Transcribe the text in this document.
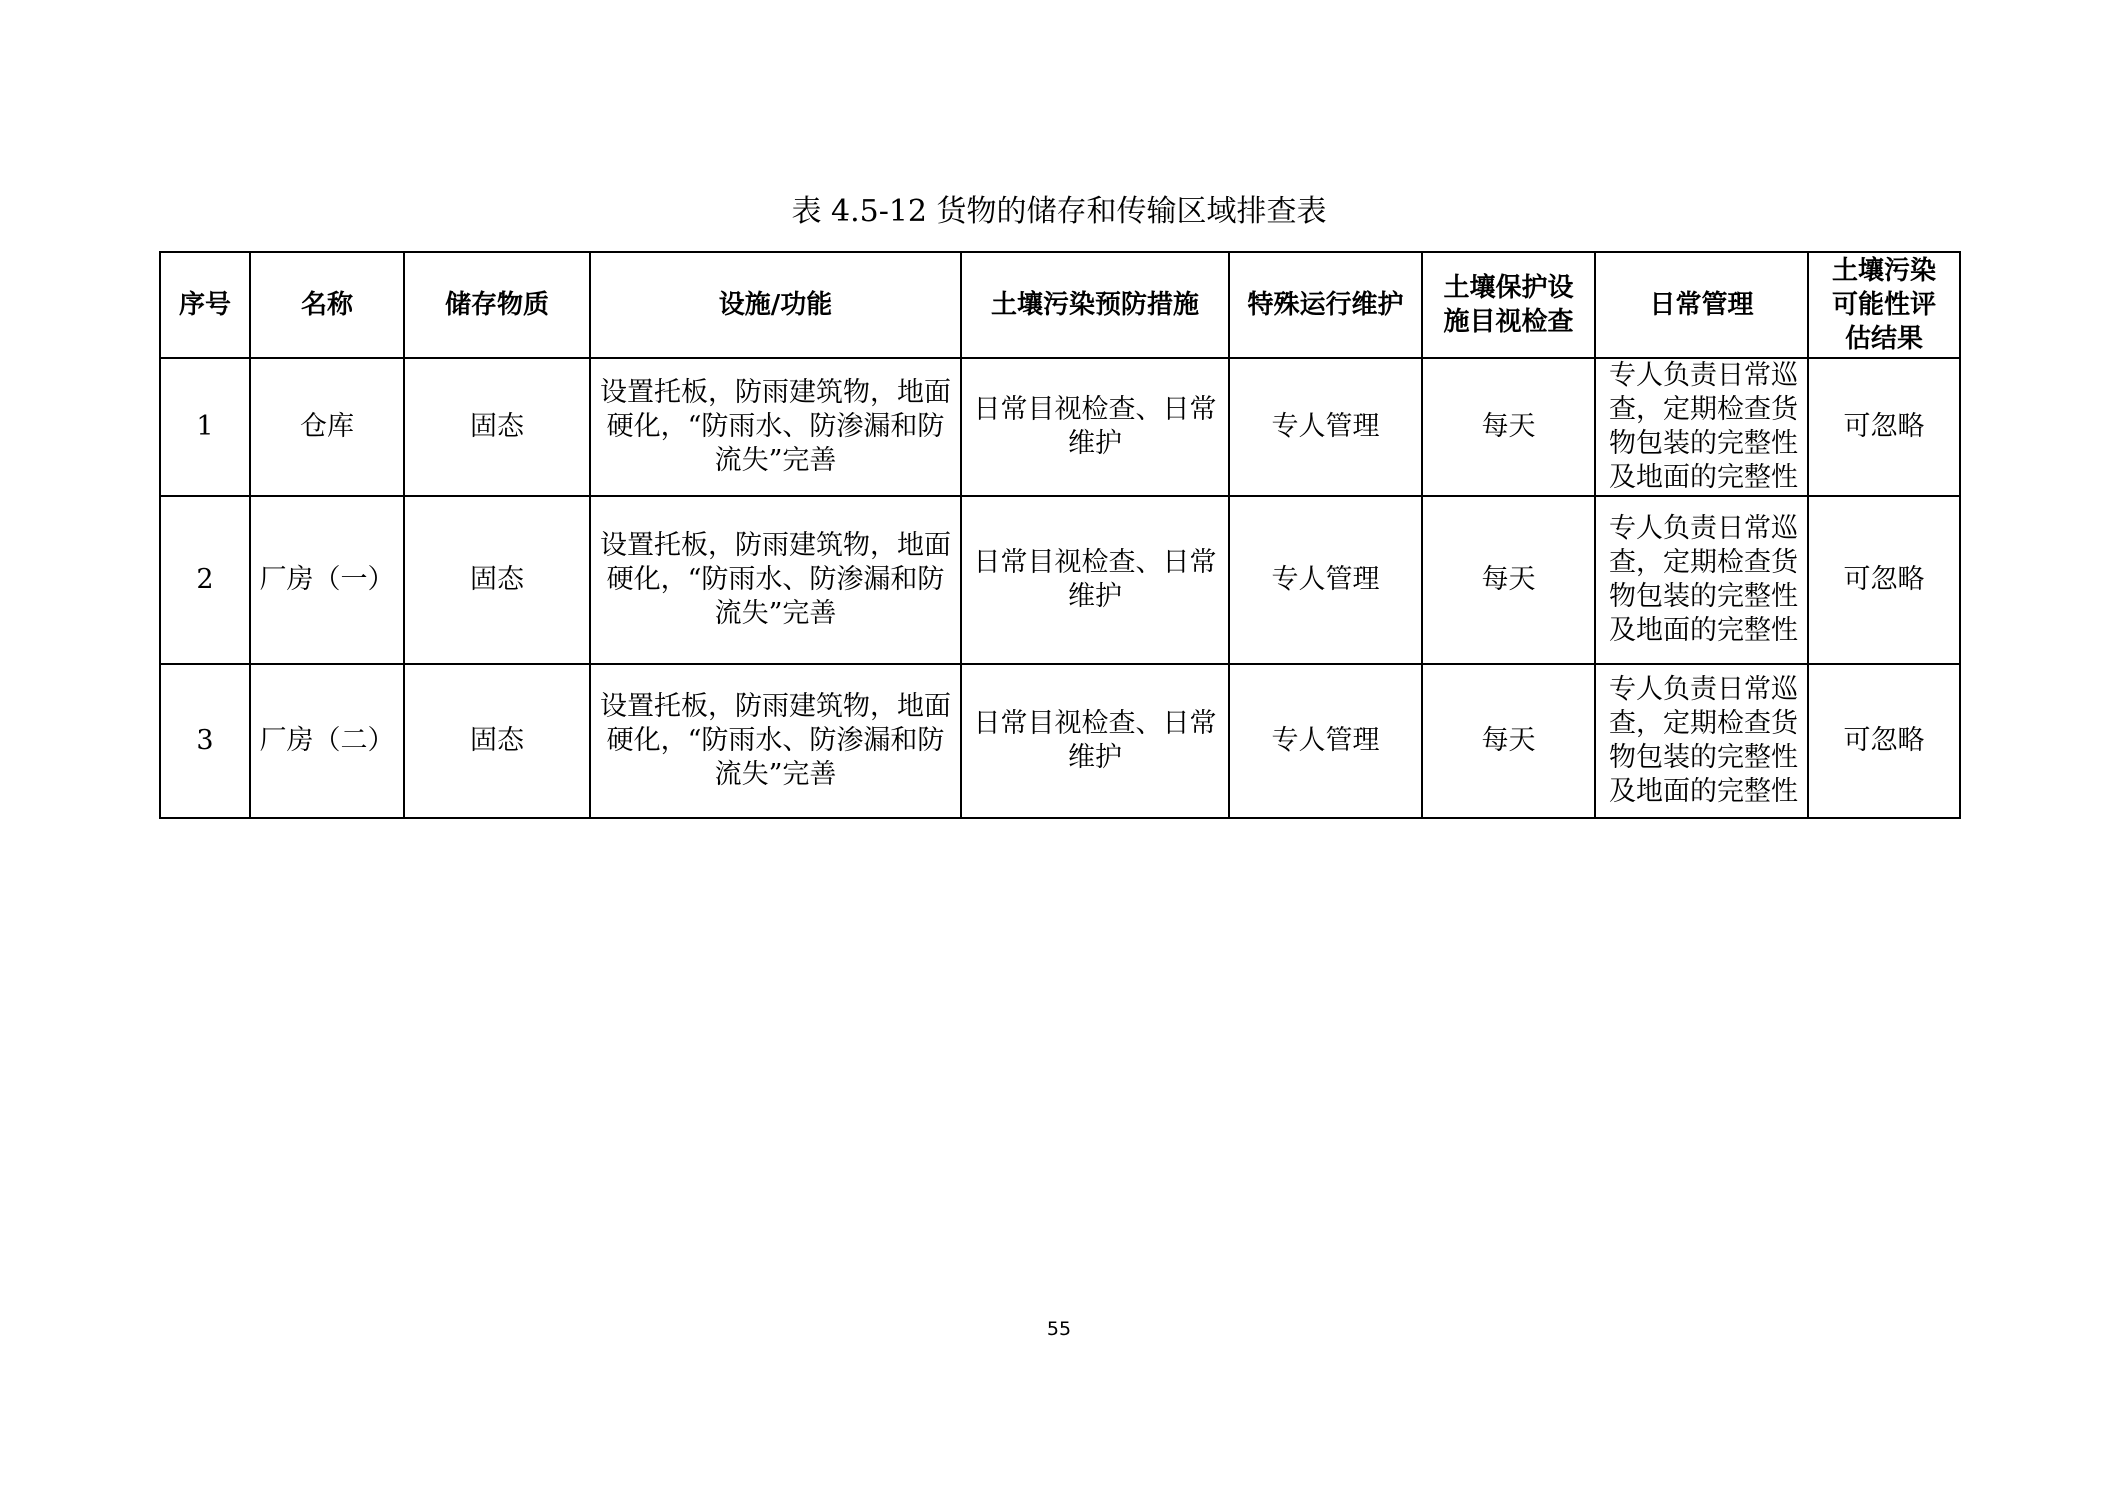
表 4.5-12 货物的储存和传输区域排查表
序号	名称	储存物质	设施/功能	土壤污染预防措施	特殊运行维护	土壤保护设施目视检查	日常管理	土壤污染可能性评估结果
1	仓库	固态	设置托板，防雨建筑物，地面硬化，“防雨水、防渗漏和防流失”完善	日常目视检查、日常维护	专人管理	每天	专人负责日常巡查，定期检查货物包装的完整性及地面的完整性	可忽略
2	厂房（一）	固态	设置托板，防雨建筑物，地面硬化，“防雨水、防渗漏和防流失”完善	日常目视检查、日常维护	专人管理	每天	专人负责日常巡查，定期检查货物包装的完整性及地面的完整性	可忽略
3	厂房（二）	固态	设置托板，防雨建筑物，地面硬化，“防雨水、防渗漏和防流失”完善	日常目视检查、日常维护	专人管理	每天	专人负责日常巡查，定期检查货物包装的完整性及地面的完整性	可忽略
55
